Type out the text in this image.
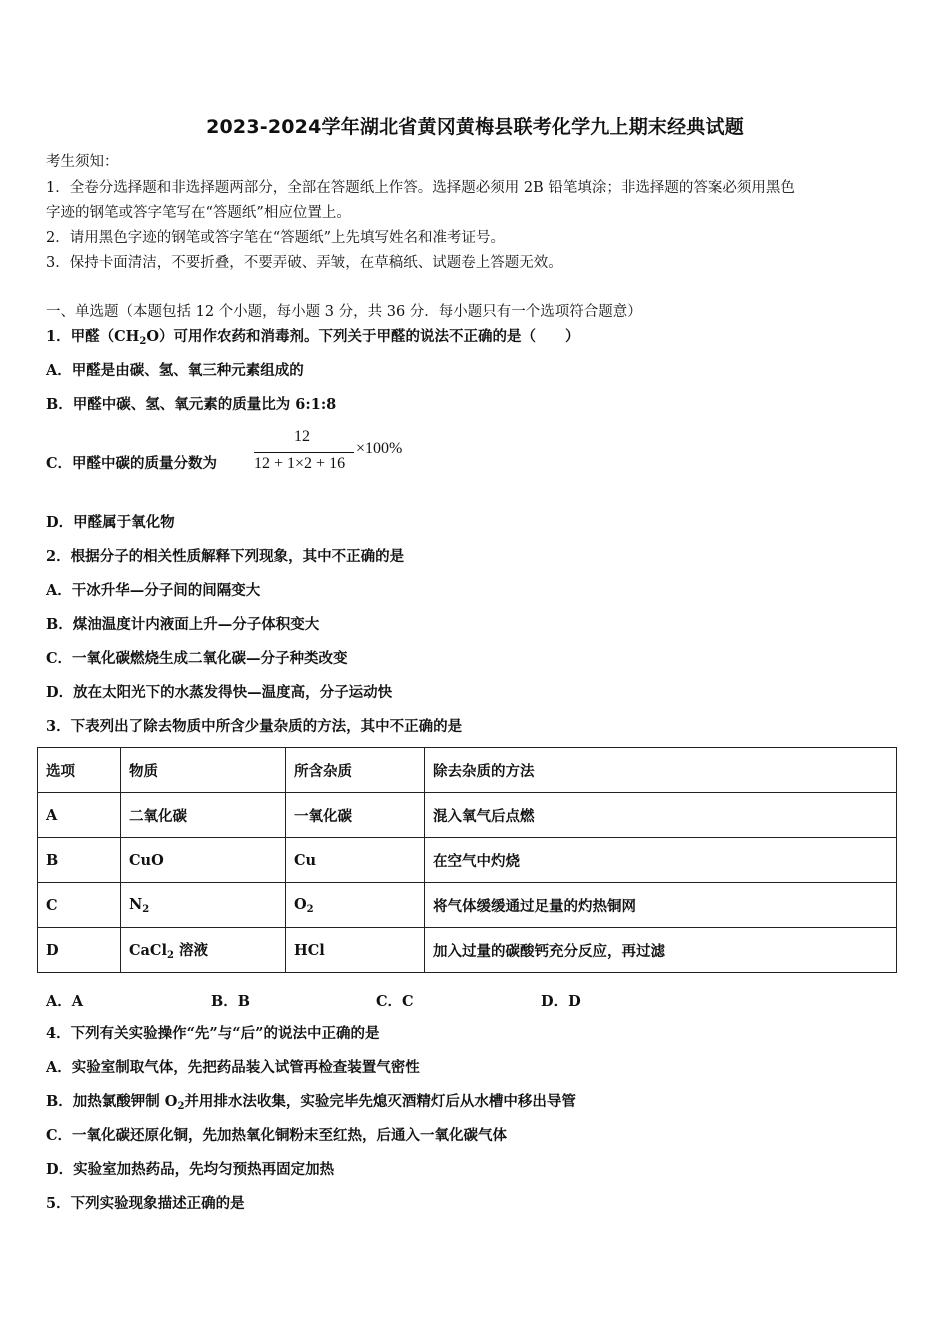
2023-2024学年湖北省黄冈黄梅县联考化学九上期末经典试题
考生须知：
1．全卷分选择题和非选择题两部分，全部在答题纸上作答。选择题必须用 2B 铅笔填涂；非选择题的答案必须用黑色
字迹的钢笔或答字笔写在“答题纸”相应位置上。
2．请用黑色字迹的钢笔或答字笔在“答题纸”上先填写姓名和准考证号。
3．保持卡面清洁，不要折叠，不要弄破、弄皱，在草稿纸、试题卷上答题无效。
一、单选题（本题包括 12 个小题，每小题 3 分，共 36 分．每小题只有一个选项符合题意）
1．甲醛$(CH_2O)$可用作农药和消毒剂。下列关于甲醛的说法不正确的是（　　）
A．甲醛是由碳、氢、氧三种元素组成的
B．甲醛中碳、氢、氧元素的质量比为 6:1:8
C．甲醛中碳的质量分数为
12
12 + 1×2 + 16
×100%
D．甲醛属于氧化物
2．根据分子的相关性质解释下列现象，其中不正确的是
A．干冰升华—分子间的间隔变大
B．煤油温度计内液面上升—分子体积变大
C．一氧化碳燃烧生成二氧化碳—分子种类改变
D．放在太阳光下的水蒸发得快—温度高，分子运动快
3．下表列出了除去物质中所含少量杂质的方法，其中不正确的是
选项	物质	所含杂质	除去杂质的方法
A	二氧化碳	一氧化碳	混入氧气后点燃
B	CuO	Cu	在空气中灼烧
C	$N_2$	$O_2$	将气体缓缓通过足量的灼热铜网
D	CaCl$_2$ 溶液	HCl	加入过量的碳酸钙充分反应，再过滤
A．A	B．B	C．C	D．D
4．下列有关实验操作“先”与“后”的说法中正确的是
A．实验室制取气体，先把药品装入试管再检查装置气密性
B．加热氯酸钾制 $O_2$并用排水法收集，实验完毕先熄灭酒精灯后从水槽中移出导管
C．一氧化碳还原化铜，先加热氧化铜粉末至红热，后通入一氧化碳气体
D．实验室加热药品，先均匀预热再固定加热
5．下列实验现象描述正确的是
